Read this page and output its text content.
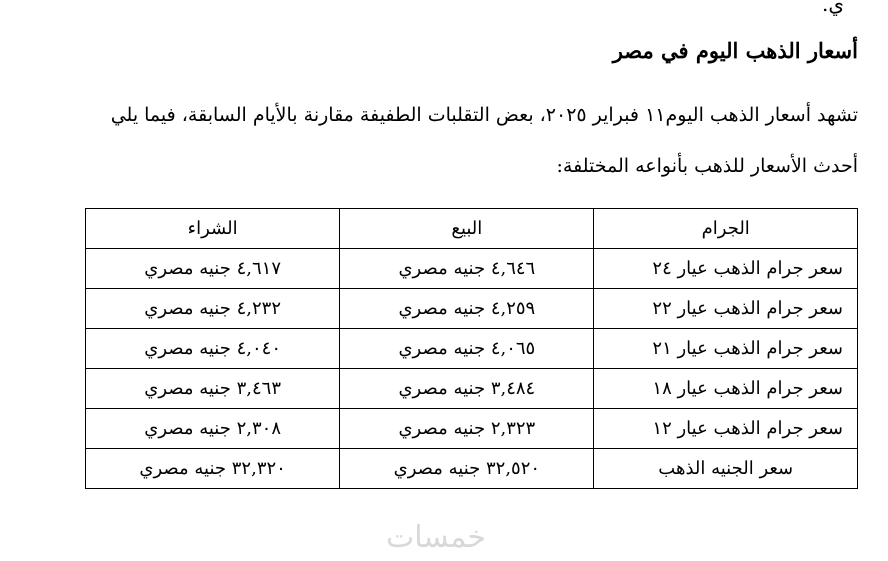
ي.
أسعار الذهب اليوم في مصر
تشهد أسعار الذهب اليوم١١ فبراير ٢٠٢٥، بعض التقلبات الطفيفة مقارنة بالأيام السابقة، فيما يلي
أحدث الأسعار للذهب بأنواعه المختلفة:
الجرام	البيع	الشراء
سعر جرام الذهب عيار ٢٤	٤,٦٤٦ جنيه مصري	٤,٦١٧ جنيه مصري
سعر جرام الذهب عيار ٢٢	٤,٢٥٩ جنيه مصري	٤,٢٣٢ جنيه مصري
سعر جرام الذهب عيار ٢١	٤,٠٦٥ جنيه مصري	٤,٠٤٠ جنيه مصري
سعر جرام الذهب عيار ١٨	٣,٤٨٤ جنيه مصري	٣,٤٦٣ جنيه مصري
سعر جرام الذهب عيار ١٢	٢,٣٢٣ جنيه مصري	٢,٣٠٨ جنيه مصري
سعر الجنيه الذهب	٣٢,٥٢٠ جنيه مصري	٣٢,٣٢٠ جنيه مصري
خمسات
